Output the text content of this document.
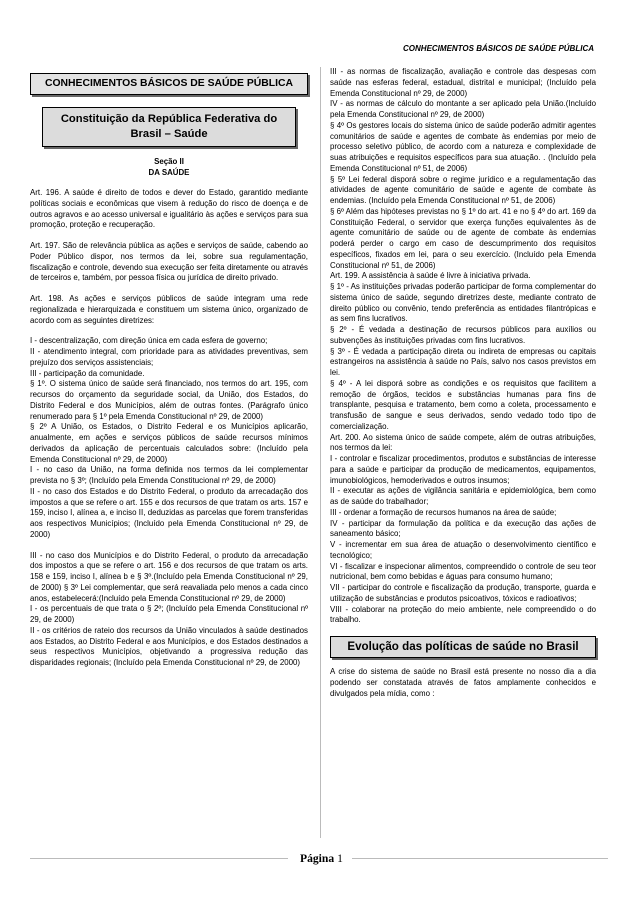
CONHECIMENTOS BÁSICOS DE SAÚDE PÚBLICA
CONHECIMENTOS BÁSICOS DE SAÚDE PÚBLICA
Constituição da República Federativa do
Brasil – Saúde
Seção II
DA SAÚDE

Art. 196. A saúde é direito de todos e dever do Estado, garantido mediante políticas sociais e econômicas que visem à redução do risco de doença e de outros agravos e ao acesso universal e igualitário às ações e serviços para sua promoção, proteção e recuperação.

Art. 197. São de relevância pública as ações e serviços de saúde, cabendo ao Poder Público dispor, nos termos da lei, sobre sua regulamentação, fiscalização e controle, devendo sua execução ser feita diretamente ou através de terceiros e, também, por pessoa física ou jurídica de direito privado.

Art. 198. As ações e serviços públicos de saúde integram uma rede regionalizada e hierarquizada e constituem um sistema único, organizado de acordo com as seguintes diretrizes:

I - descentralização, com direção única em cada esfera de governo;
II - atendimento integral, com prioridade para as atividades preventivas, sem prejuízo dos serviços assistenciais;
III - participação da comunidade.
§ 1º. O sistema único de saúde será financiado, nos termos do art. 195, com recursos do orçamento da seguridade social, da União, dos Estados, do Distrito Federal e dos Municípios, além de outras fontes. (Parágrafo único renumerado para § 1º pela Emenda Constitucional nº 29, de 2000)
§ 2º A União, os Estados, o Distrito Federal e os Municípios aplicarão, anualmente, em ações e serviços públicos de saúde recursos mínimos derivados da aplicação de percentuais calculados sobre: (Incluído pela Emenda Constitucional nº 29, de 2000)
I - no caso da União, na forma definida nos termos da lei complementar prevista no § 3º; (Incluído pela Emenda Constitucional nº 29, de 2000)
II - no caso dos Estados e do Distrito Federal, o produto da arrecadação dos impostos a que se refere o art. 155 e dos recursos de que tratam os arts. 157 e 159, inciso I, alínea a, e inciso II, deduzidas as parcelas que forem transferidas aos respectivos Municípios; (Incluído pela Emenda Constitucional nº 29, de 2000)

III - no caso dos Municípios e do Distrito Federal, o produto da arrecadação dos impostos a que se refere o art. 156 e dos recursos de que tratam os arts. 158 e 159, inciso I, alínea b e § 3º.(Incluído pela Emenda Constitucional nº 29, de 2000) § 3º Lei complementar, que será reavaliada pelo menos a cada cinco anos, estabelecerá:(Incluído pela Emenda Constitucional nº 29, de 2000)
I - os percentuais de que trata o § 2º; (Incluído pela Emenda Constitucional nº 29, de 2000)
II - os critérios de rateio dos recursos da União vinculados à saúde destinados aos Estados, ao Distrito Federal e aos Municípios, e dos Estados destinados a seus respectivos Municípios, objetivando a progressiva redução das disparidades regionais; (Incluído pela Emenda Constitucional nº 29, de 2000)

III - as normas de fiscalização, avaliação e controle das despesas com saúde nas esferas federal, estadual, distrital e municipal; (Incluído pela Emenda Constitucional nº 29, de 2000)
IV - as normas de cálculo do montante a ser aplicado pela União.(Incluído pela Emenda Constitucional nº 29, de 2000)
§ 4º Os gestores locais do sistema único de saúde poderão admitir agentes comunitários de saúde e agentes de combate às endemias por meio de processo seletivo público, de acordo com a natureza e complexidade de suas atribuições e requisitos específicos para sua atuação. . (Incluído pela Emenda Constitucional nº 51, de 2006)
§ 5º Lei federal disporá sobre o regime jurídico e a regulamentação das atividades de agente comunitário de saúde e agente de combate às endemias. (Incluído pela Emenda Constitucional nº 51, de 2006)
§ 6º Além das hipóteses previstas no § 1º do art. 41 e no § 4º do art. 169 da Constituição Federal, o servidor que exerça funções equivalentes às de agente comunitário de saúde ou de agente de combate às endemias poderá perder o cargo em caso de descumprimento dos requisitos específicos, fixados em lei, para o seu exercício. (Incluído pela Emenda Constitucional nº 51, de 2006)
Art. 199. A assistência à saúde é livre à iniciativa privada.
§ 1º - As instituições privadas poderão participar de forma complementar do sistema único de saúde, segundo diretrizes deste, mediante contrato de direito público ou convênio, tendo preferência as entidades filantrópicas e as sem fins lucrativos.
§ 2º - É vedada a destinação de recursos públicos para auxílios ou subvenções às instituições privadas com fins lucrativos.
§ 3º - É vedada a participação direta ou indireta de empresas ou capitais estrangeiros na assistência à saúde no País, salvo nos casos previstos em lei.
§ 4º - A lei disporá sobre as condições e os requisitos que facilitem a remoção de órgãos, tecidos e substâncias humanas para fins de transplante, pesquisa e tratamento, bem como a coleta, processamento e transfusão de sangue e seus derivados, sendo vedado todo tipo de comercialização.
Art. 200. Ao sistema único de saúde compete, além de outras atribuições, nos termos da lei:
I - controlar e fiscalizar procedimentos, produtos e substâncias de interesse para a saúde e participar da produção de medicamentos, equipamentos, imunobiológicos, hemoderivados e outros insumos;
II - executar as ações de vigilância sanitária e epidemiológica, bem como as de saúde do trabalhador;
III - ordenar a formação de recursos humanos na área de saúde;
IV - participar da formulação da política e da execução das ações de saneamento básico;
V - incrementar em sua área de atuação o desenvolvimento científico e tecnológico;
VI - fiscalizar e inspecionar alimentos, compreendido o controle de seu teor nutricional, bem como bebidas e águas para consumo humano;
VII - participar do controle e fiscalização da produção, transporte, guarda e utilização de substâncias e produtos psicoativos, tóxicos e radioativos;
VIII - colaborar na proteção do meio ambiente, nele compreendido o do trabalho.

Evolução das políticas de saúde no Brasil

A crise do sistema de saúde no Brasil está presente no nosso dia a dia podendo ser constatada através de fatos amplamente conhecidos e divulgados pela mídia, como :

Página 1
